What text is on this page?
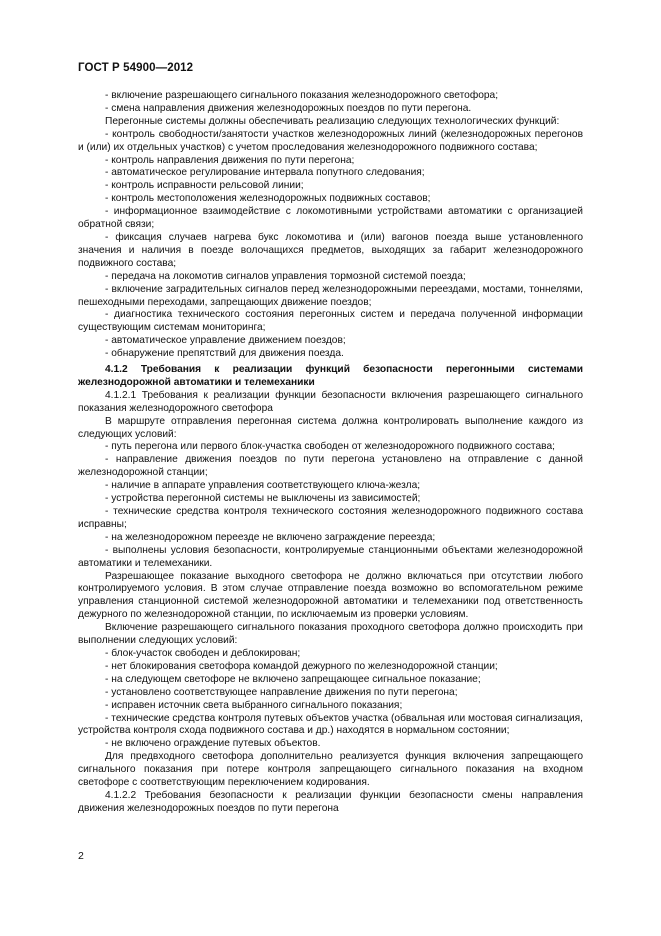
ГОСТ Р 54900—2012

- включение разрешающего сигнального показания железнодорожного светофора;

- смена направления движения железнодорожных поездов по пути перегона.

Перегонные системы должны обеспечивать реализацию следующих технологических функций:

- контроль свободности/занятости участков железнодорожных линий (железнодорожных перегонов и (или) их отдельных участков) с учетом проследования железнодорожного подвижного состава;

- контроль направления движения по пути перегона;

- автоматическое регулирование интервала попутного следования;

- контроль исправности рельсовой линии;

- контроль местоположения железнодорожных подвижных составов;

- информационное взаимодействие с локомотивными устройствами автоматики с организацией обратной связи;

- фиксация случаев нагрева букс локомотива и (или) вагонов поезда выше установленного значения и наличия в поезде волочащихся предметов, выходящих за габарит железнодорожного подвижного состава;

- передача на локомотив сигналов управления тормозной системой поезда;

- включение заградительных сигналов перед железнодорожными переездами, мостами, тоннелями, пешеходными переходами, запрещающих движение поездов;

- диагностика технического состояния перегонных систем и передача полученной информации существующим системам мониторинга;

- автоматическое управление движением поездов;

- обнаружение препятствий для движения поезда.

4.1.2 Требования к реализации функций безопасности перегонными системами железнодорожной автоматики и телемеханики

4.1.2.1 Требования к реализации функции безопасности включения разрешающего сигнального показания железнодорожного светофора

В маршруте отправления перегонная система должна контролировать выполнение каждого из следующих условий:

- путь перегона или первого блок-участка свободен от железнодорожного подвижного состава;

- направление движения поездов по пути перегона установлено на отправление с данной железнодорожной станции;

- наличие в аппарате управления соответствующего ключа-жезла;

- устройства перегонной системы не выключены из зависимостей;

- технические средства контроля технического состояния железнодорожного подвижного состава исправны;

- на железнодорожном переезде не включено заграждение переезда;

- выполнены условия безопасности, контролируемые станционными объектами железнодорожной автоматики и телемеханики.

Разрешающее показание выходного светофора не должно включаться при отсутствии любого контролируемого условия. В этом случае отправление поезда возможно во вспомогательном режиме управления станционной системой железнодорожной автоматики и телемеханики под ответственность дежурного по железнодорожной станции, по исключаемым из проверки условиям.

Включение разрешающего сигнального показания проходного светофора должно происходить при выполнении следующих условий:

- блок-участок свободен и деблокирован;

- нет блокирования светофора командой дежурного по железнодорожной станции;

- на следующем светофоре не включено запрещающее сигнальное показание;

- установлено соответствующее направление движения по пути перегона;

- исправен источник света выбранного сигнального показания;

- технические средства контроля путевых объектов участка (обвальная или мостовая сигнализация, устройства контроля схода подвижного состава и др.) находятся в нормальном состоянии;

- не включено ограждение путевых объектов.

Для предвходного светофора дополнительно реализуется функция включения запрещающего сигнального показания при потере контроля запрещающего сигнального показания на входном светофоре с соответствующим переключением кодирования.

4.1.2.2 Требования безопасности к реализации функции безопасности смены направления движения железнодорожных поездов по пути перегона

2
